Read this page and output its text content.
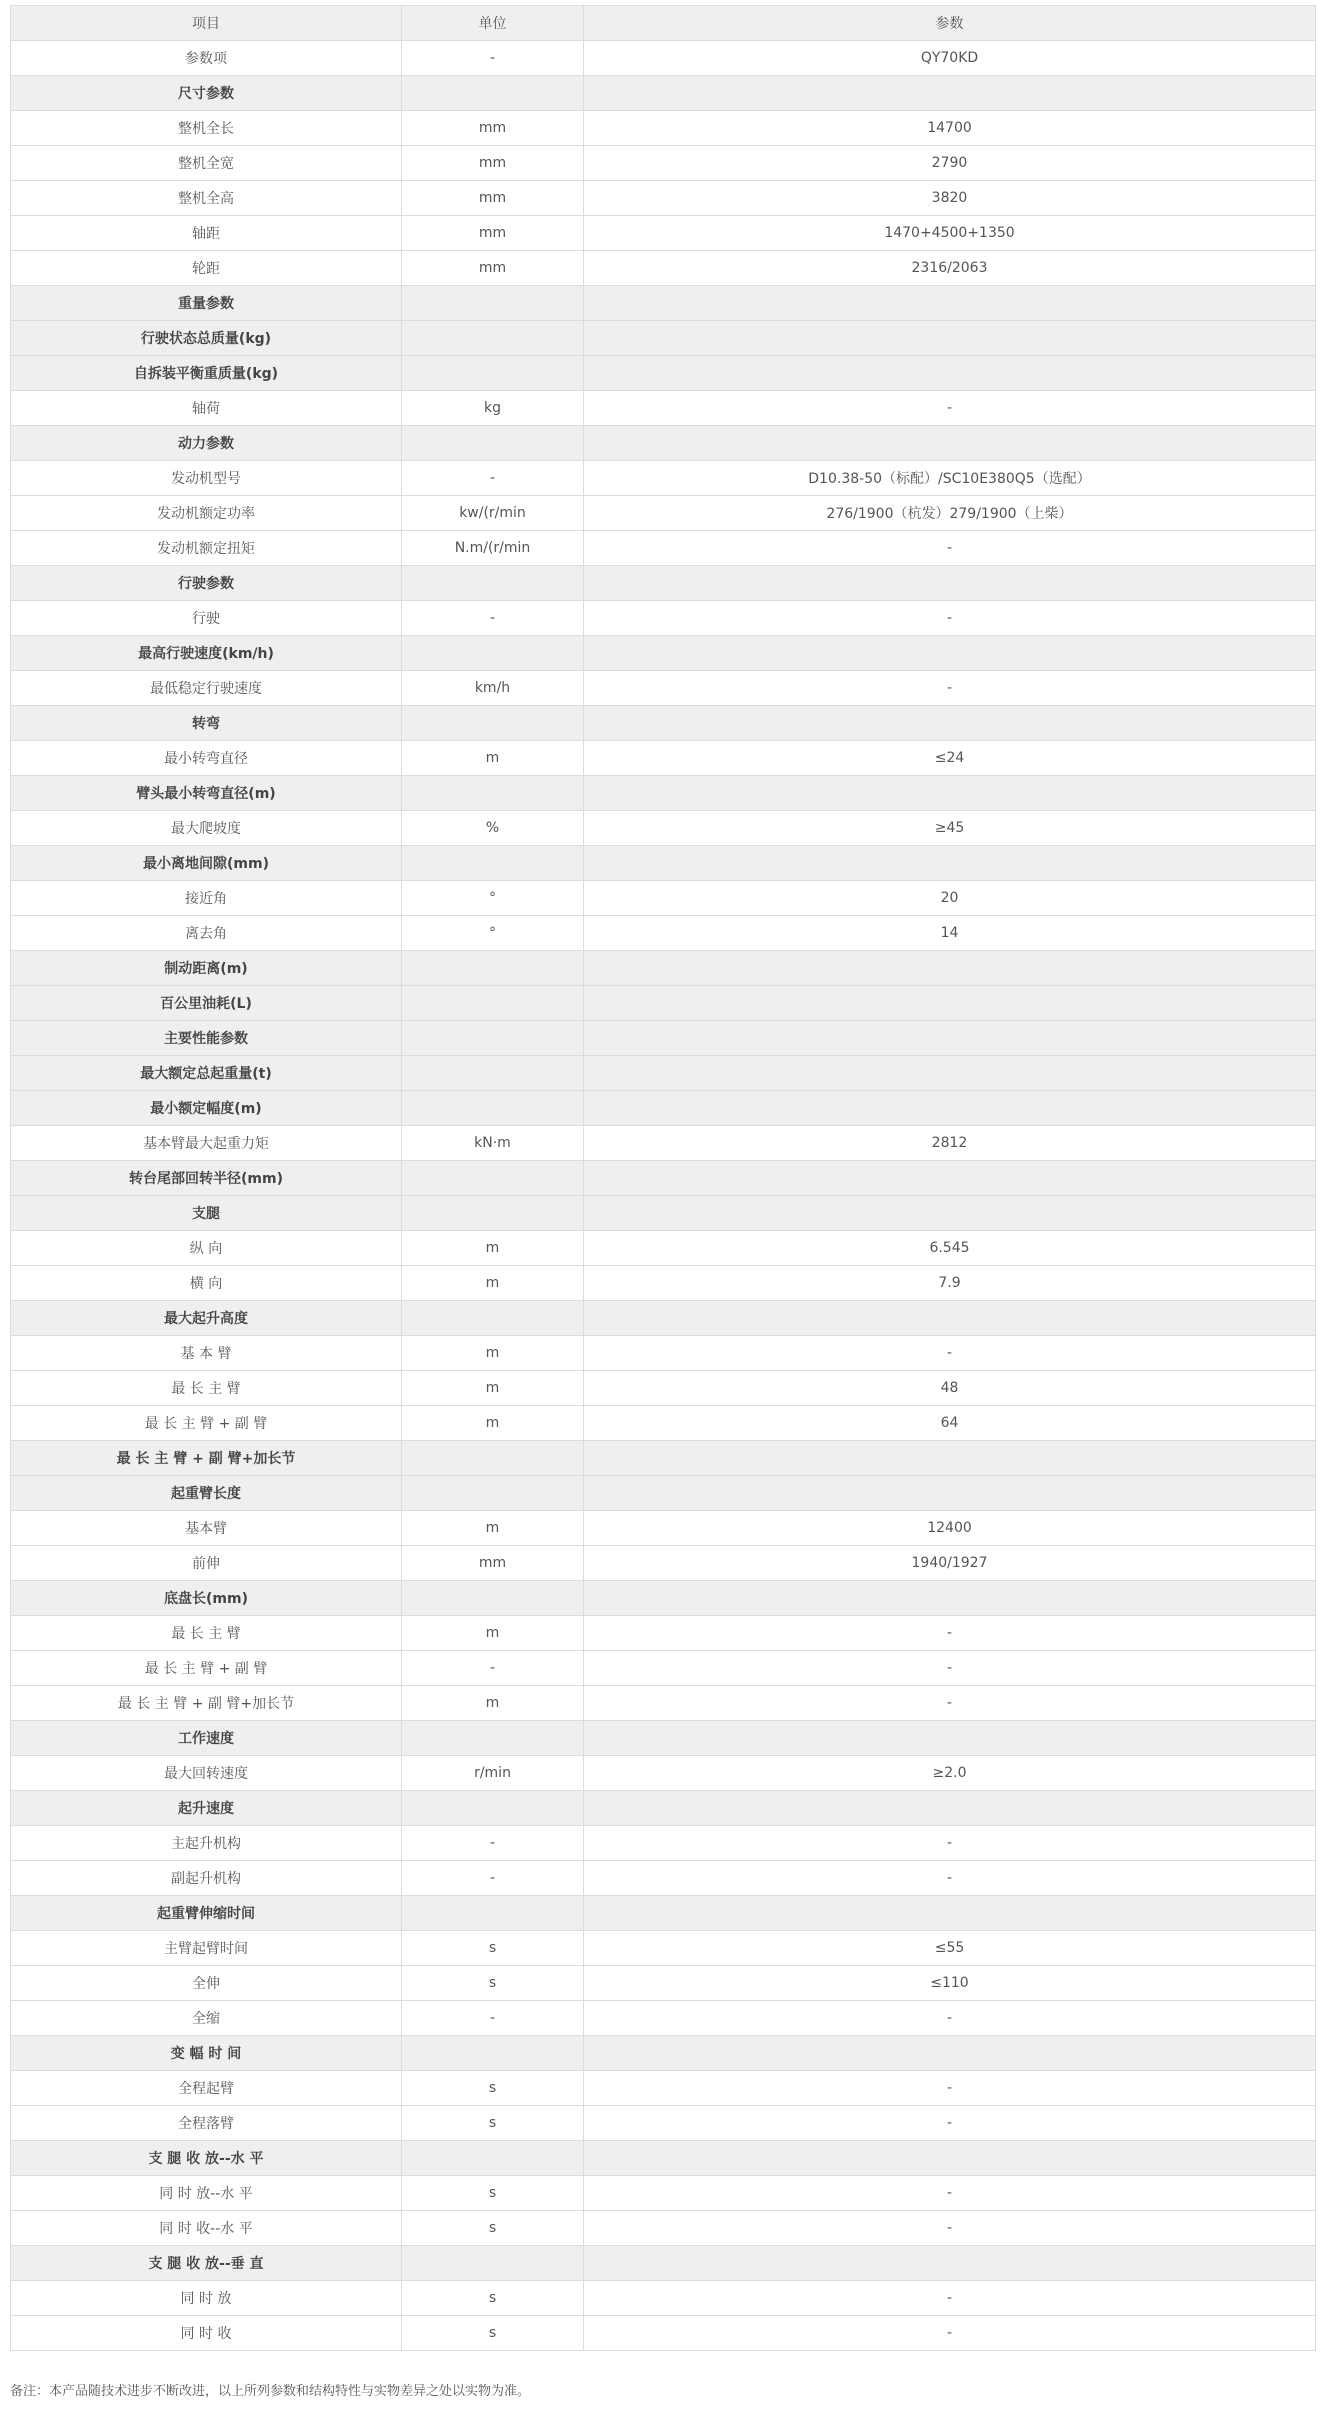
项目	单位	参数
参数项	-	QY70KD
尺寸参数		
整机全长	mm	14700
整机全宽	mm	2790
整机全高	mm	3820
轴距	mm	1470+4500+1350
轮距	mm	2316/2063
重量参数		
行驶状态总质量(kg)		
自拆装平衡重质量(kg)		
轴荷	kg	-
动力参数		
发动机型号	-	D10.38-50（标配）/SC10E380Q5（选配）
发动机额定功率	kw/(r/min	276/1900（杭发）279/1900（上柴）
发动机额定扭矩	N.m/(r/min	-
行驶参数		
行驶	-	-
最高行驶速度(km/h)		
最低稳定行驶速度	km/h	-
转弯		
最小转弯直径	m	≤24
臂头最小转弯直径(m)		
最大爬坡度	%	≥45
最小离地间隙(mm)		
接近角	°	20
离去角	°	14
制动距离(m)		
百公里油耗(L)		
主要性能参数		
最大额定总起重量(t)		
最小额定幅度(m)		
基本臂最大起重力矩	kN·m	2812
转台尾部回转半径(mm)		
支腿		
纵 向	m	6.545
横 向	m	7.9
最大起升高度		
基 本 臂	m	-
最 长 主 臂	m	48
最 长 主 臂 + 副 臂	m	64
最 长 主 臂 + 副 臂+加长节		
起重臂长度		
基本臂	m	12400
前伸	mm	1940/1927
底盘长(mm)		
最 长 主 臂	m	-
最 长 主 臂 + 副 臂	-	-
最 长 主 臂 + 副 臂+加长节	m	-
工作速度		
最大回转速度	r/min	≥2.0
起升速度		
主起升机构	-	-
副起升机构	-	-
起重臂伸缩时间		
主臂起臂时间	s	≤55
全伸	s	≤110
全缩	-	-
变 幅 时 间		
全程起臂	s	-
全程落臂	s	-
支 腿 收 放--水 平		
同 时 放--水 平	s	-
同 时 收--水 平	s	-
支 腿 收 放--垂 直		
同 时 放	s	-
同 时 收	s	-
备注：本产品随技术进步不断改进，以上所列参数和结构特性与实物差异之处以实物为准。
